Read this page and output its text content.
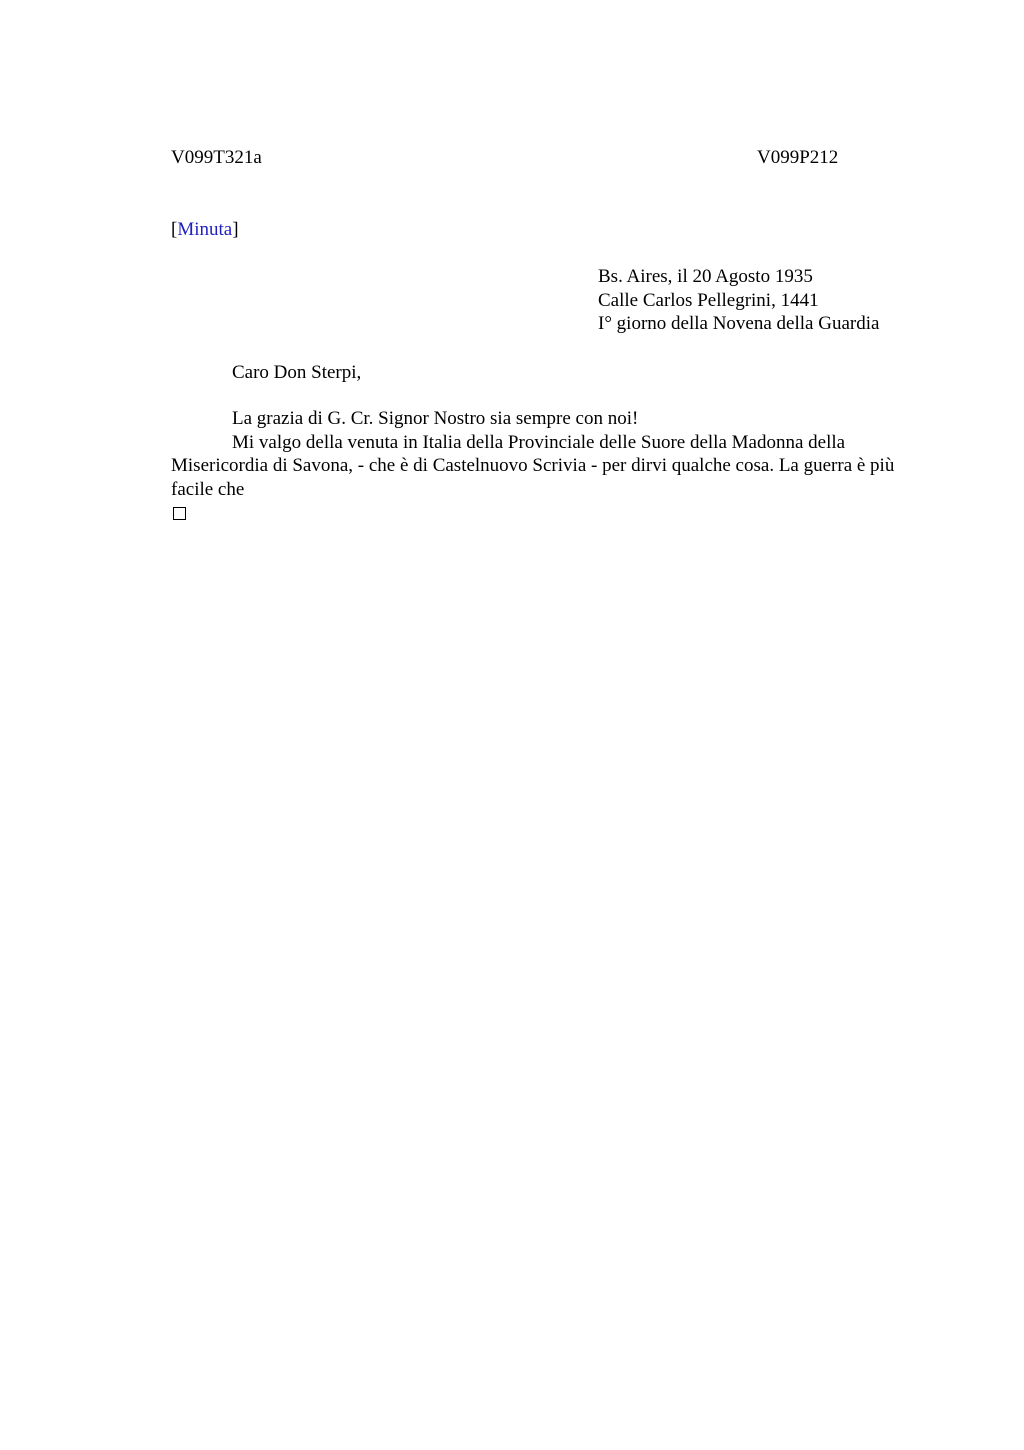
V099T321a	V099P212
[Minuta]
Bs. Aires, il 20 Agosto 1935
Calle Carlos Pellegrini, 1441
I° giorno della Novena della Guardia
Caro Don Sterpi,

La grazia di G. Cr. Signor Nostro sia sempre con noi!

Mi valgo della venuta in Italia della Provinciale delle Suore della Madonna della Misericordia di Savona, - che è di Castelnuovo Scrivia - per dirvi qualche cosa. La guerra è più facile che
